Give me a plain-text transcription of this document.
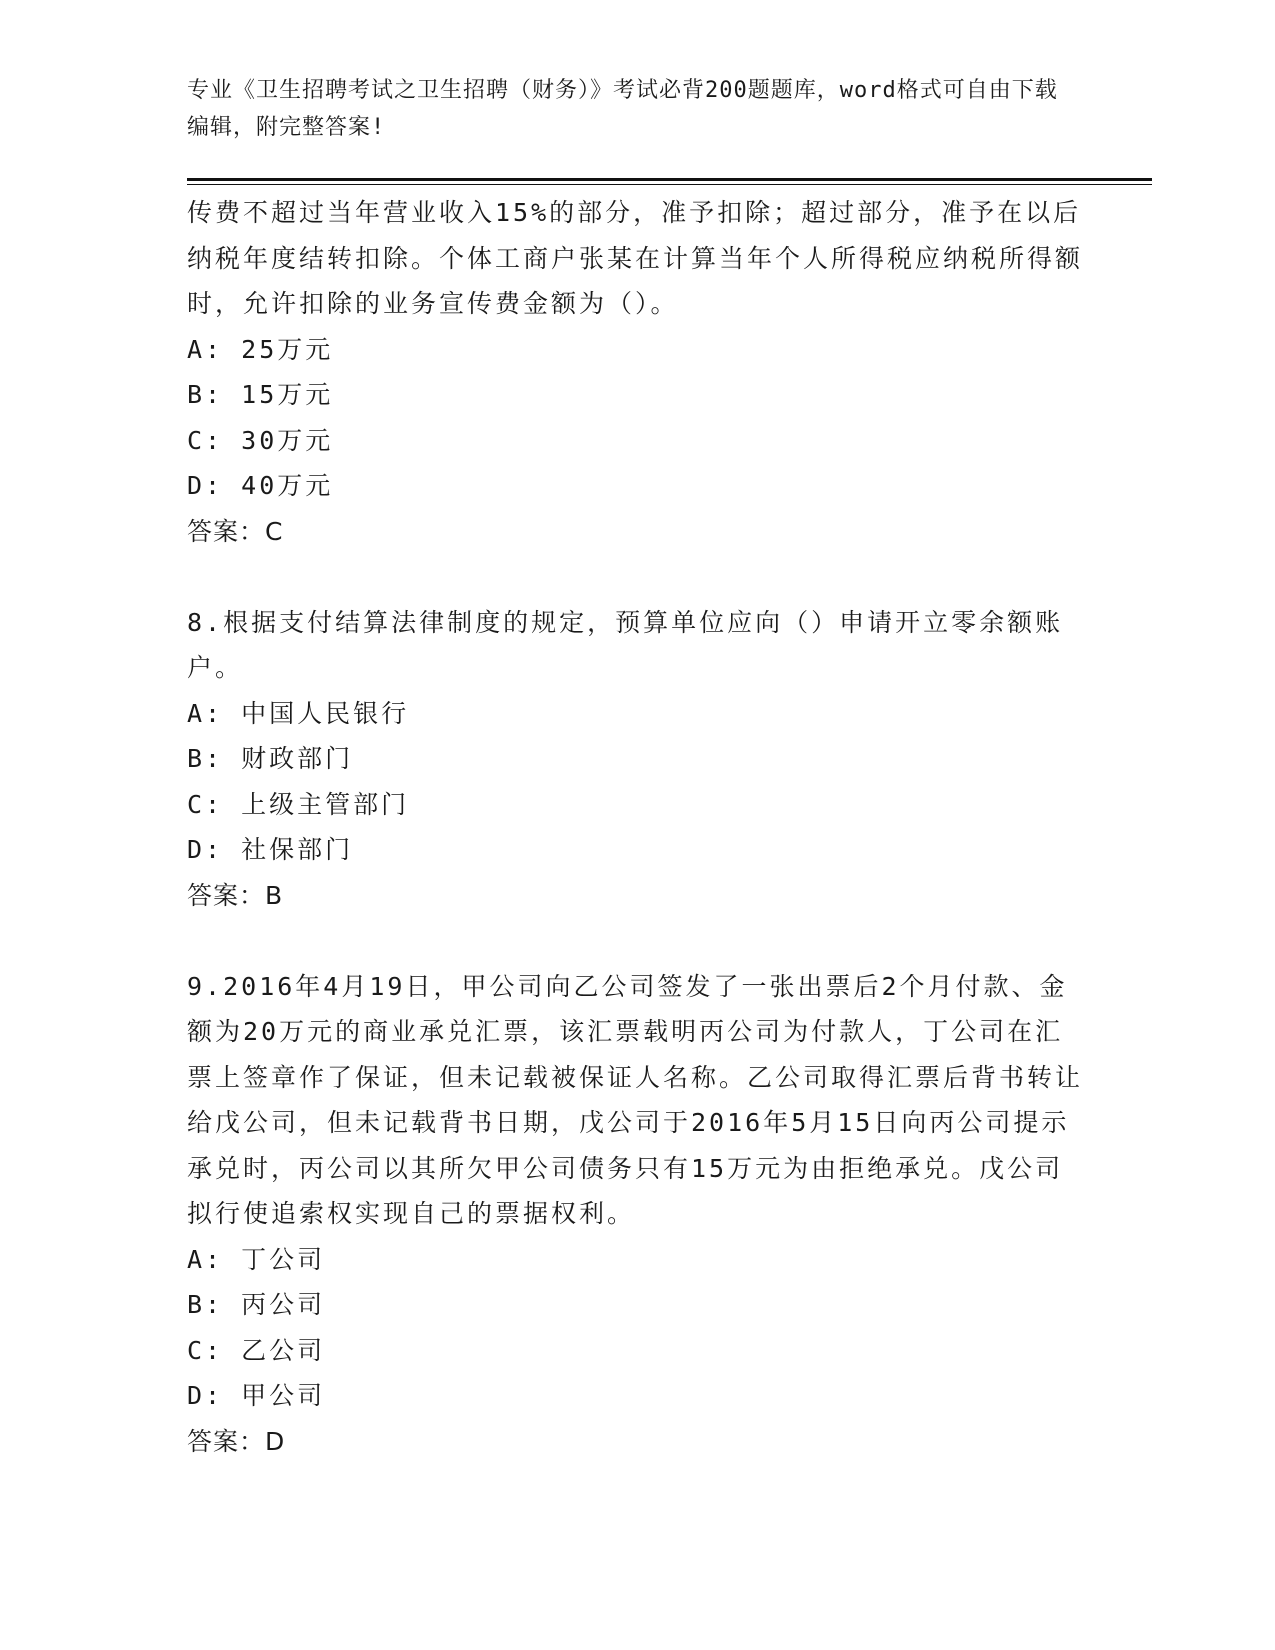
专业《卫生招聘考试之卫生招聘（财务）》考试必背200题题库，word格式可自由下载编辑，附完整答案!

传费不超过当年营业收入15%的部分，准予扣除；超过部分，准予在以后纳税年度结转扣除。个体工商户张某在计算当年个人所得税应纳税所得额时，允许扣除的业务宣传费金额为（）。

A: 25万元

B: 15万元

C: 30万元

D: 40万元

答案：C

8.根据支付结算法律制度的规定，预算单位应向（）申请开立零余额账户。

A: 中国人民银行

B: 财政部门

C: 上级主管部门

D: 社保部门

答案：B

9.2016年4月19日，甲公司向乙公司签发了一张出票后2个月付款、金额为20万元的商业承兑汇票，该汇票载明丙公司为付款人，丁公司在汇票上签章作了保证，但未记载被保证人名称。乙公司取得汇票后背书转让给戊公司，但未记载背书日期，戊公司于2016年5月15日向丙公司提示承兑时，丙公司以其所欠甲公司债务只有15万元为由拒绝承兑。戊公司拟行使追索权实现自己的票据权利。

A: 丁公司

B: 丙公司

C: 乙公司

D: 甲公司

答案：D
